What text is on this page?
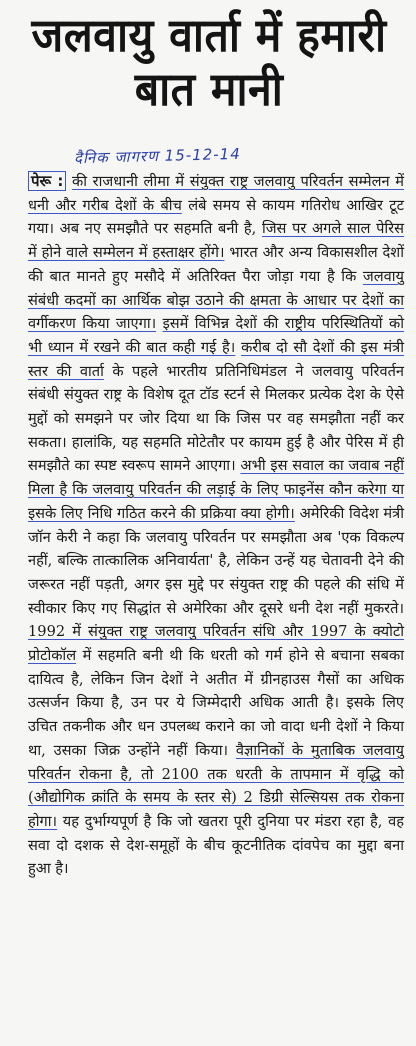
जलवायु वार्ता में हमारी बात मानी
दैनिक जागरण 15-12-14

पेरू : की राजधानी लीमा में संयुक्त राष्ट्र जलवायु परिवर्तन सम्मेलन में धनी और गरीब देशों के बीच लंबे समय से कायम गतिरोध आखिर टूट गया। अब नए समझौते पर सहमति बनी है, जिस पर अगले साल पेरिस में होने वाले सम्मेलन में हस्ताक्षर होंगे। भारत और अन्य विकासशील देशों की बात मानते हुए मसौदे में अतिरिक्त पैरा जोड़ा गया है कि जलवायु संबंधी कदमों का आर्थिक बोझ उठाने की क्षमता के आधार पर देशों का वर्गीकरण किया जाएगा। इसमें विभिन्न देशों की राष्ट्रीय परिस्थितियों को भी ध्यान में रखने की बात कही गई है। करीब दो सौ देशों की इस मंत्री स्तर की वार्ता के पहले भारतीय प्रतिनिधिमंडल ने जलवायु परिवर्तन संबंधी संयुक्त राष्ट्र के विशेष दूत टॉड स्टर्न से मिलकर प्रत्येक देश के ऐसे मुद्दों को समझने पर जोर दिया था कि जिस पर वह समझौता नहीं कर सकता। हालांकि, यह सहमति मोटेतौर पर कायम हुई है और पेरिस में ही समझौते का स्पष्ट स्वरूप सामने आएगा। अभी इस सवाल का जवाब नहीं मिला है कि जलवायु परिवर्तन की लड़ाई के लिए फाइनेंस कौन करेगा या इसके लिए निधि गठित करने की प्रक्रिया क्या होगी। अमेरिकी विदेश मंत्री जॉन केरी ने कहा कि जलवायु परिवर्तन पर समझौता अब 'एक विकल्प नहीं, बल्कि तात्कालिक अनिवार्यता' है, लेकिन उन्हें यह चेतावनी देने की जरूरत नहीं पड़ती, अगर इस मुद्दे पर संयुक्त राष्ट्र की पहले की संधि में स्वीकार किए गए सिद्धांत से अमेरिका और दूसरे धनी देश नहीं मुकरते। 1992 में संयुक्त राष्ट्र जलवायु परिवर्तन संधि और 1997 के क्योटो प्रोटोकॉल में सहमति बनी थी कि धरती को गर्म होने से बचाना सबका दायित्व है, लेकिन जिन देशों ने अतीत में ग्रीनहाउस गैसों का अधिक उत्सर्जन किया है, उन पर ये जिम्मेदारी अधिक आती है। इसके लिए उचित तकनीक और धन उपलब्ध कराने का जो वादा धनी देशों ने किया था, उसका जिक्र उन्होंने नहीं किया। वैज्ञानिकों के मुताबिक जलवायु परिवर्तन रोकना है, तो 2100 तक धरती के तापमान में वृद्धि को (औद्योगिक क्रांति के समय के स्तर से) 2 डिग्री सेल्सियस तक रोकना होगा। यह दुर्भाग्यपूर्ण है कि जो खतरा पूरी दुनिया पर मंडरा रहा है, वह सवा दो दशक से देश-समूहों के बीच कूटनीतिक दांवपेच का मुद्दा बना हुआ है।
